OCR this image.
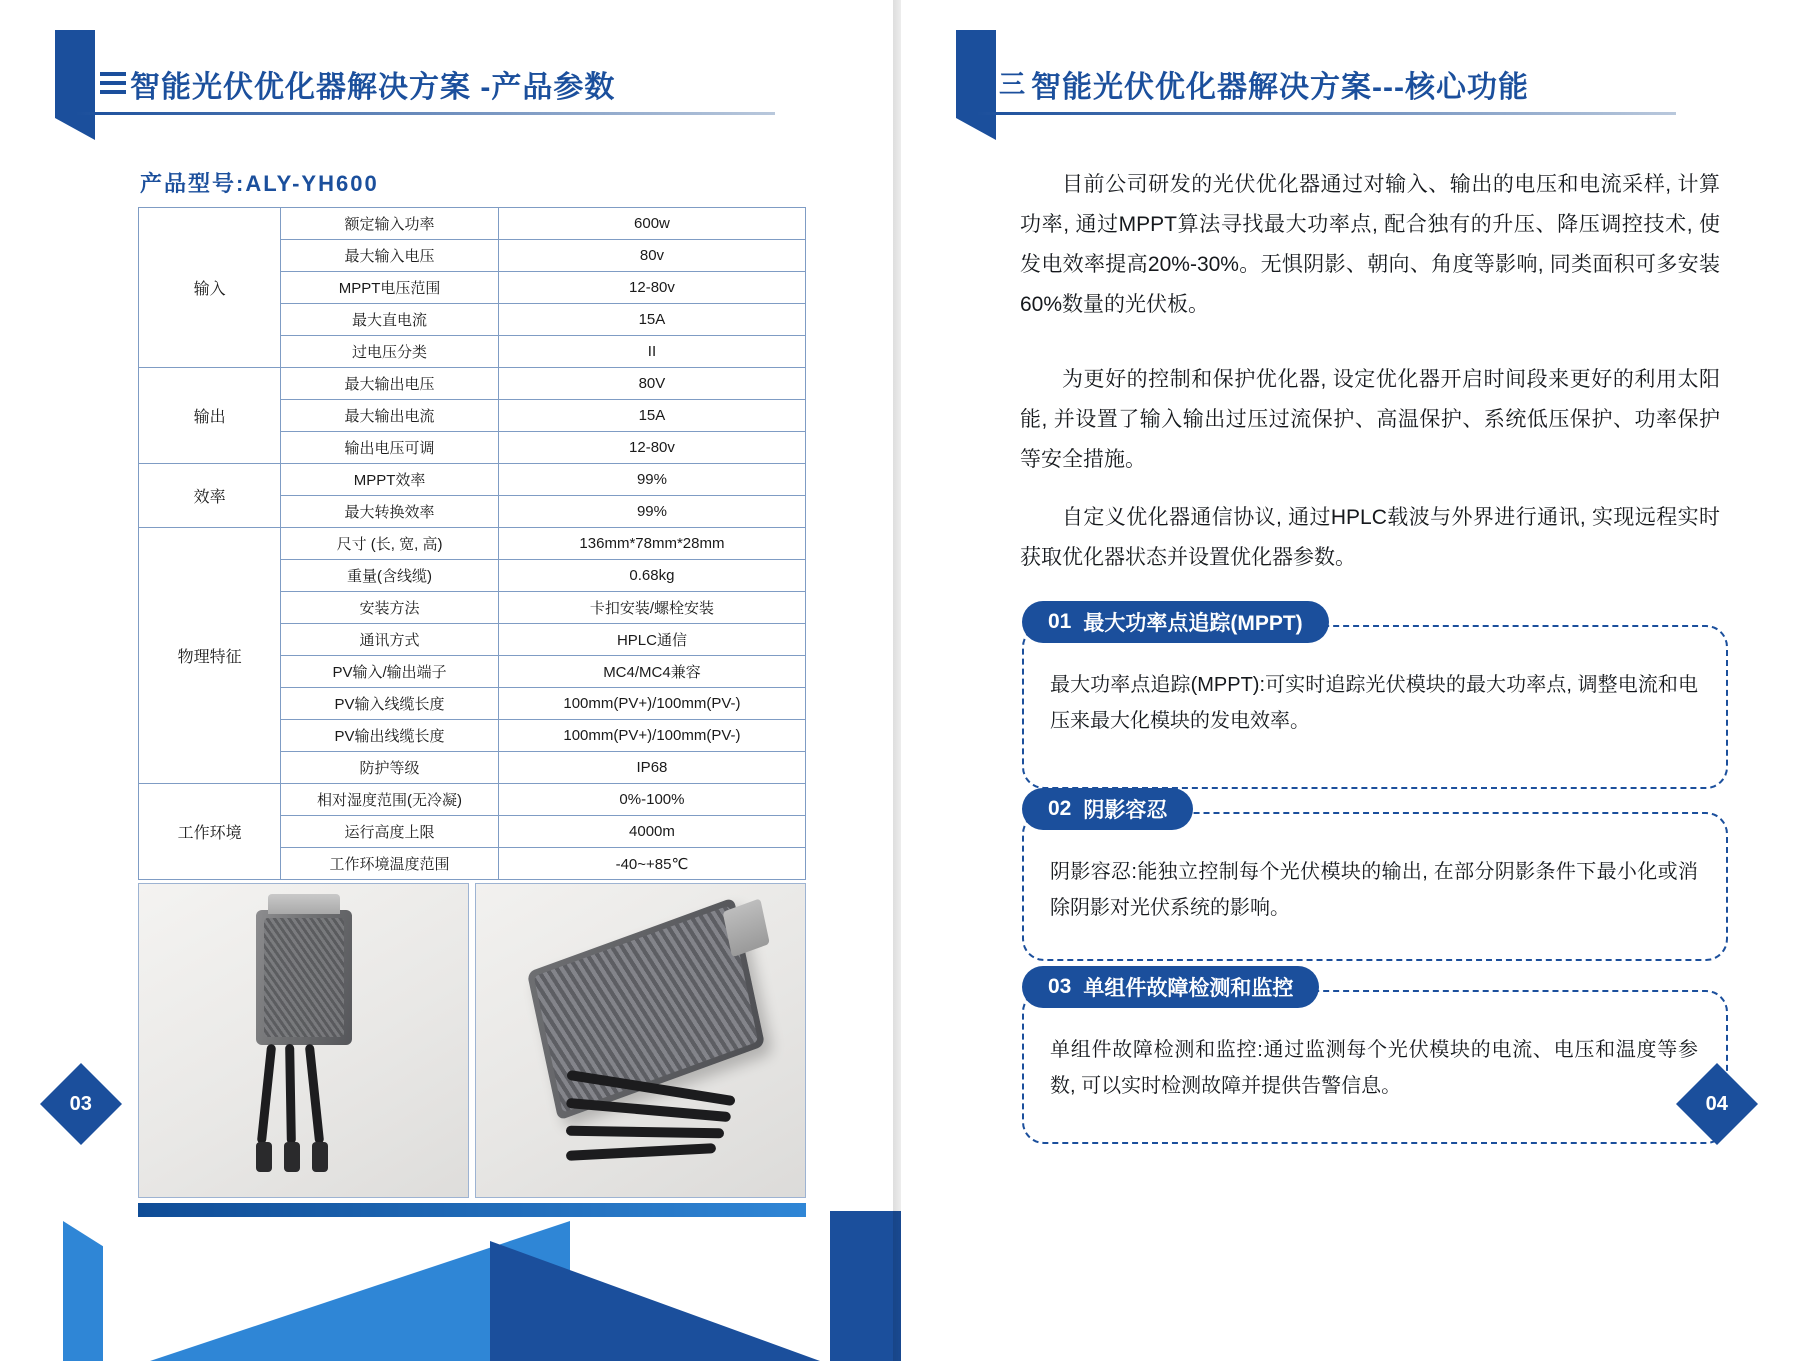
智能光伏优化器解决方案 -产品参数
产品型号:ALY-YH600
输入	额定输入功率	600w
	最大输入电压	80v
	MPPT电压范围	12-80v
	最大直电流	15A
	过电压分类	II
输出	最大输出电压	80V
	最大输出电流	15A
	输出电压可调	12-80v
效率	MPPT效率	99%
	最大转换效率	99%
物理特征	尺寸 (长, 宽, 高)	136mm*78mm*28mm
	重量(含线缆)	0.68kg
	安装方法	卡扣安装/螺栓安装
	通讯方式	HPLC通信
	PV输入/输出端子	MC4/MC4兼容
	PV输入线缆长度	100mm(PV+)/100mm(PV-)
	PV输出线缆长度	100mm(PV+)/100mm(PV-)
	防护等级	IP68
工作环境	相对湿度范围(无冷凝)	0%-100%
	运行高度上限	4000m
	工作环境温度范围	-40~+85℃
03
三 智能光伏优化器解决方案---核心功能
目前公司研发的光伏优化器通过对输入、输出的电压和电流采样, 计算功率, 通过MPPT算法寻找最大功率点, 配合独有的升压、降压调控技术, 使发电效率提高20%-30%。无惧阴影、朝向、角度等影响, 同类面积可多安装60%数量的光伏板。
为更好的控制和保护优化器, 设定优化器开启时间段来更好的利用太阳能, 并设置了输入输出过压过流保护、高温保护、系统低压保护、功率保护等安全措施。
自定义优化器通信协议, 通过HPLC载波与外界进行通讯, 实现远程实时获取优化器状态并设置优化器参数。
01 最大功率点追踪(MPPT)
最大功率点追踪(MPPT):可实时追踪光伏模块的最大功率点, 调整电流和电压来最大化模块的发电效率。
02 阴影容忍
阴影容忍:能独立控制每个光伏模块的输出, 在部分阴影条件下最小化或消除阴影对光伏系统的影响。
03 单组件故障检测和监控
单组件故障检测和监控:通过监测每个光伏模块的电流、电压和温度等参数, 可以实时检测故障并提供告警信息。
04
